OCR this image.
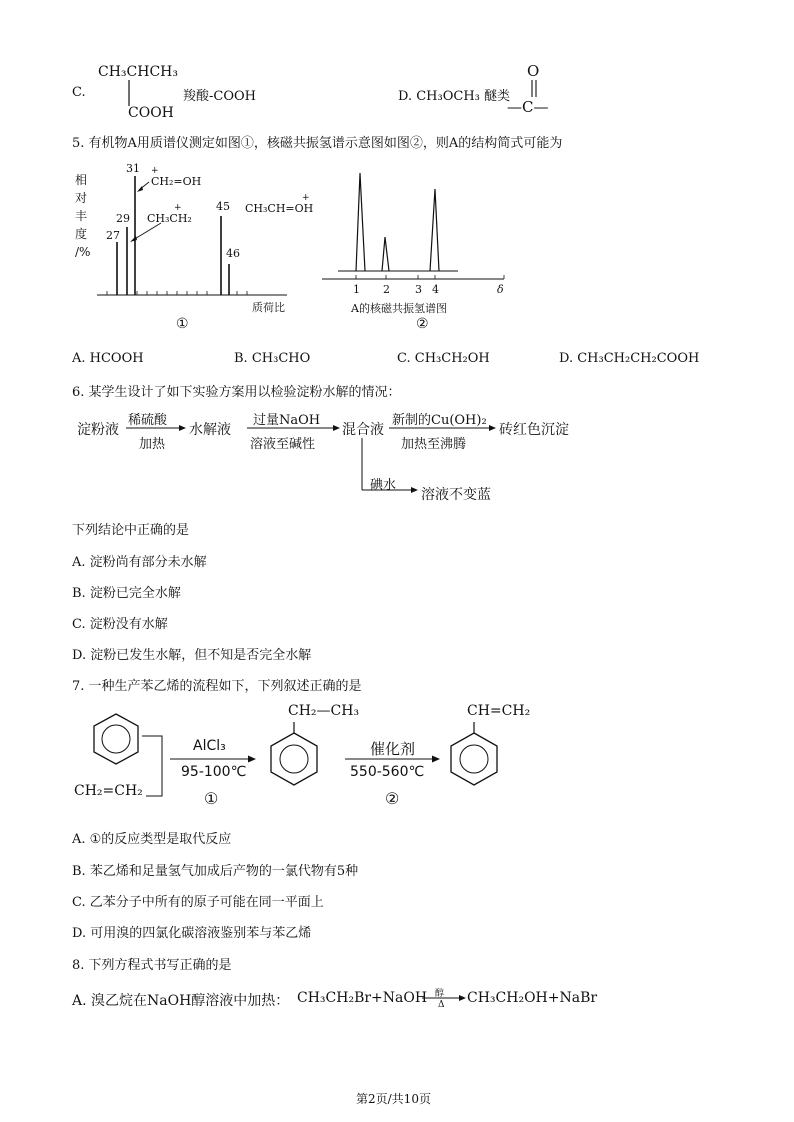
C.
CH₃CHCH₃
COOH
羧酸-COOH	D. CH₃OCH₃ 醚类
O
—C—
5. 有机物A用质谱仪测定如图①，核磁共振氢谱示意图如图②，则A的结构简式可能为
相
对
丰
度
/%
31
29
27
45
46
+
CH₂=OH
+
CH₃CH₂
+
CH₃CH=OH
质荷比
①
1 2 3 4	δ
A的核磁共振氢谱图
②
A. HCOOH	B. CH₃CHO	C. CH₃CH₂OH	D. CH₃CH₂CH₂COOH
6. 某学生设计了如下实验方案用以检验淀粉水解的情况：
淀粉液
稀硫酸
加热
水解液
过量NaOH
溶液至碱性
混合液
新制的Cu(OH)₂
加热至沸腾
砖红色沉淀
碘水
溶液不变蓝
下列结论中正确的是
A. 淀粉尚有部分未水解
B. 淀粉已完全水解
C. 淀粉没有水解
D. 淀粉已发生水解，但不知是否完全水解
7. 一种生产苯乙烯的流程如下，下列叙述正确的是
CH₂=CH₂
AlCl₃
95-100℃
①
CH₂—CH₃
催化剂
550-560℃
②
CH=CH₂
A. ①的反应类型是取代反应
B. 苯乙烯和足量氢气加成后产物的一氯代物有5种
C. 乙苯分子中所有的原子可能在同一平面上
D. 可用溴的四氯化碳溶液鉴别苯与苯乙烯
8. 下列方程式书写正确的是
A. 溴乙烷在NaOH醇溶液中加热： CH₃CH₂Br+NaOH 醇
Δ CH₃CH₂OH+NaBr
第2页/共10页
